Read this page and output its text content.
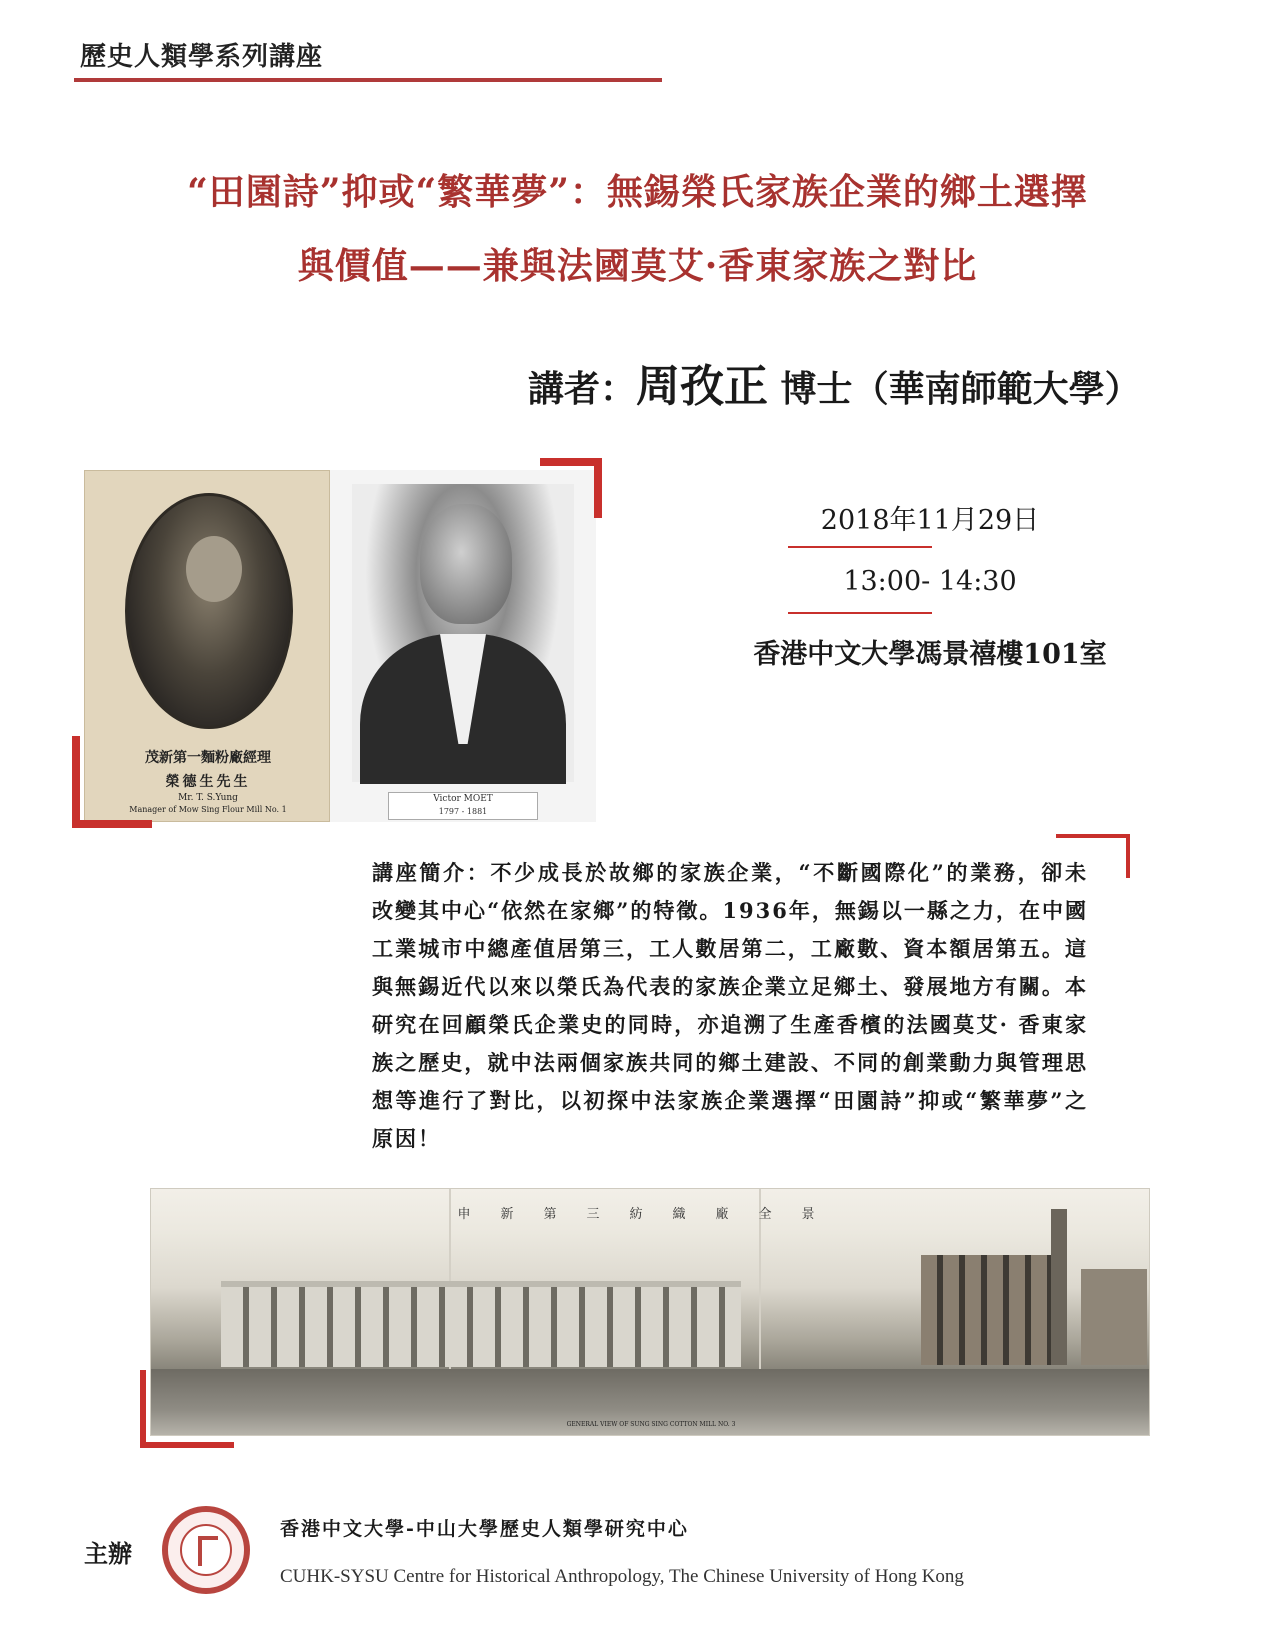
歷史人類學系列講座
“田園詩”抑或“繁華夢”：無錫榮氏家族企業的鄉土選擇
與價值——兼與法國莫艾·香東家族之對比
講者：周孜正 博士（華南師範大學）
茂新第一麵粉廠經理
榮德生先生
Mr. T. S.Yung
Manager of Mow Sing Flour Mill No. 1
Victor MOET
1797 - 1881
2018年11月29日
13:00- 14:30
香港中文大學馮景禧樓101室
講座簡介：不少成長於故鄉的家族企業，“不斷國際化”的業務，卻未改變其中心“依然在家鄉”的特徵。1936年，無錫以一縣之力，在中國工業城市中總產值居第三，工人數居第二，工廠數、資本額居第五。這與無錫近代以來以榮氏為代表的家族企業立足鄉土、發展地方有關。本研究在回顧榮氏企業史的同時，亦追溯了生產香檳的法國莫艾· 香東家族之歷史，就中法兩個家族共同的鄉土建設、不同的創業動力與管理思想等進行了對比，以初探中法家族企業選擇“田園詩”抑或“繁華夢”之原因！
申新第三紡織廠全景
GENERAL VIEW OF SUNG SING COTTON MILL NO. 3
主辦
香港中文大學-中山大學歷史人類學研究中心
CUHK-SYSU Centre for Historical Anthropology, The Chinese University of Hong Kong
